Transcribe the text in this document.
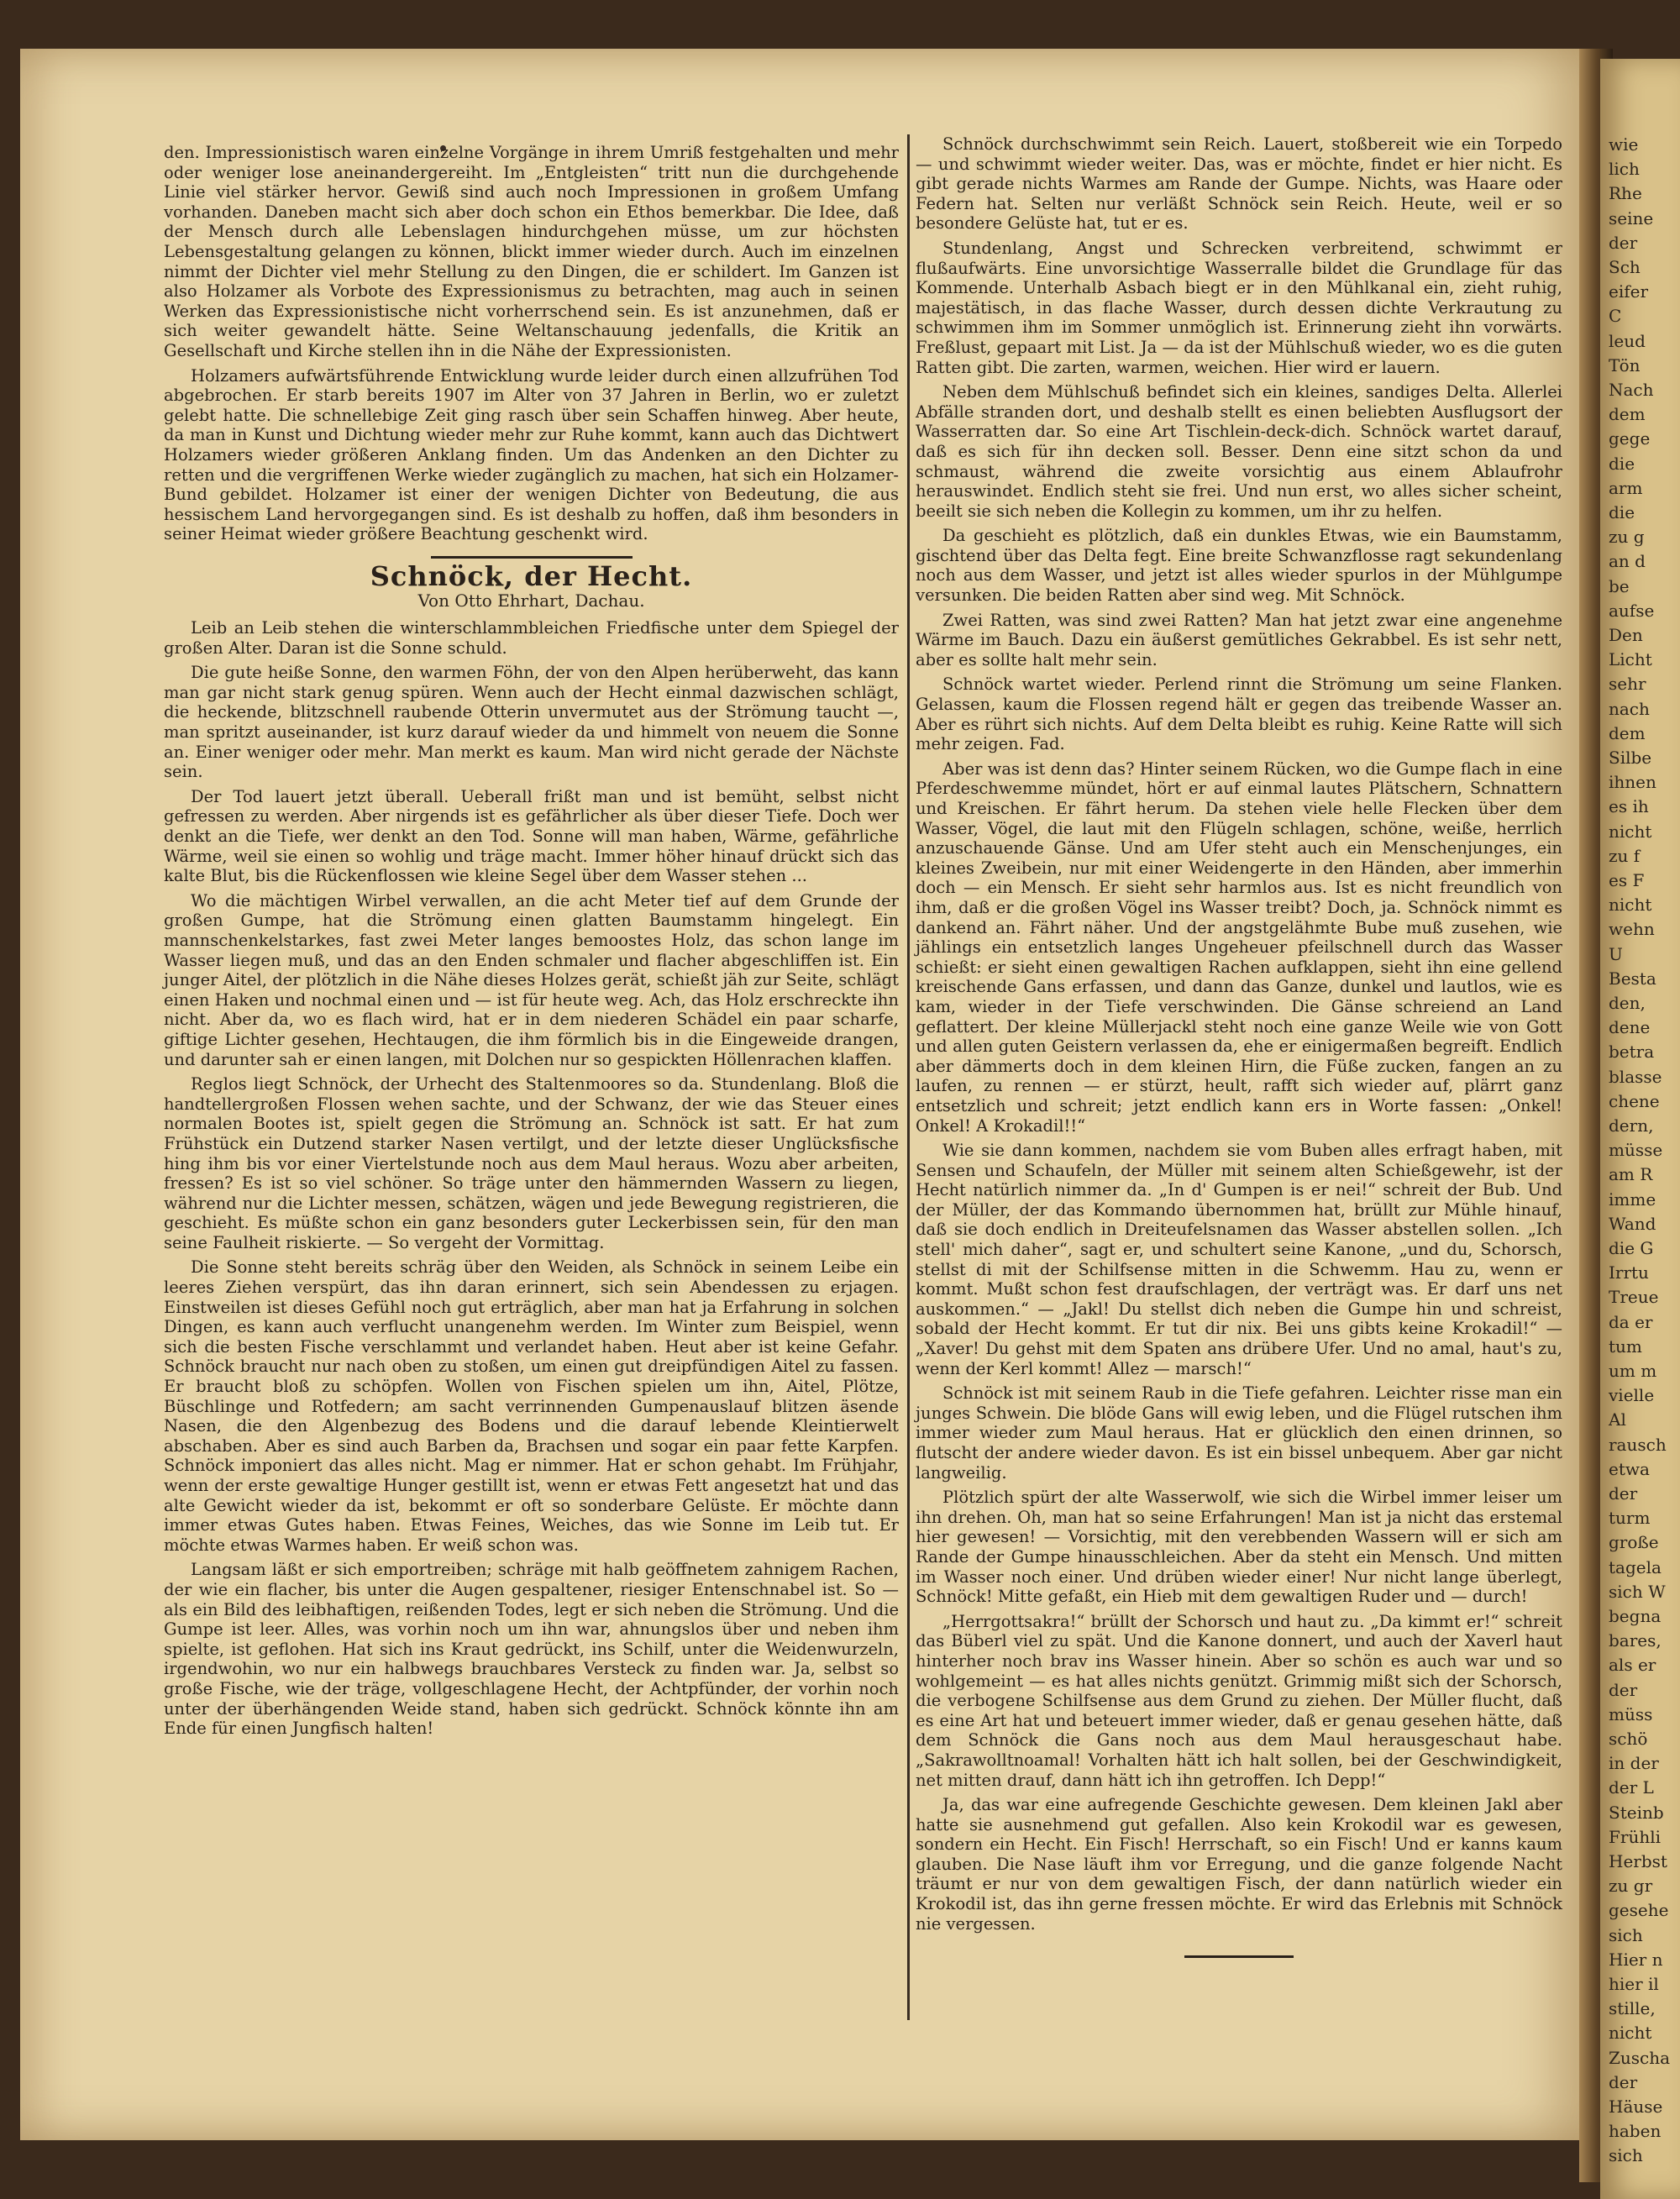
wie
lich
Rhe
seine
der
Sch
eifer
C
leud
Tön
Nach
dem
gege
die
arm
die
zu g
an d
be
aufse
Den
Licht
sehr
nach
dem
Silbe
ihnen
es ih
nicht
zu f
es F
nicht
wehn
U
Besta
den,
dene
betra
blasse
chene
dern,
müsse
am R
imme
Wand
die G
Irrtu
Treue
da er
tum
um m
vielle
Al
rausch
etwa
der
turm
große
tagela
sich W
begna
bares,
als er
der
müss
schö
in der
der L
Steinb
Frühli
Herbst
zu gr
gesehe
sich
Hier n
hier il
stille,
nicht
Zuscha
der
Häuse
haben
sich

den. Impressionistisch waren einzelne Vorgänge in ihrem Umriß festgehalten und mehr oder weniger lose aneinandergereiht. Im „Entgleisten“ tritt nun die durchgehende Linie viel stärker hervor. Gewiß sind auch noch Impressionen in großem Umfang vorhanden. Daneben macht sich aber doch schon ein Ethos bemerkbar. Die Idee, daß der Mensch durch alle Lebenslagen hindurchgehen müsse, um zur höchsten Lebensgestaltung gelangen zu können, blickt immer wieder durch. Auch im einzelnen nimmt der Dichter viel mehr Stellung zu den Dingen, die er schildert. Im Ganzen ist also Holzamer als Vorbote des Expressionismus zu betrachten, mag auch in seinen Werken das Expressionistische nicht vorherrschend sein. Es ist anzunehmen, daß er sich weiter gewandelt hätte. Seine Weltanschauung jedenfalls, die Kritik an Gesellschaft und Kirche stellen ihn in die Nähe der Expressionisten.

Holzamers aufwärtsführende Entwicklung wurde leider durch einen allzufrühen Tod abgebrochen. Er starb bereits 1907 im Alter von 37 Jahren in Berlin, wo er zuletzt gelebt hatte. Die schnellebige Zeit ging rasch über sein Schaffen hinweg. Aber heute, da man in Kunst und Dichtung wieder mehr zur Ruhe kommt, kann auch das Dichtwert Holzamers wieder größeren Anklang finden. Um das Andenken an den Dichter zu retten und die vergriffenen Werke wieder zugänglich zu machen, hat sich ein Holzamer-Bund gebildet. Holzamer ist einer der wenigen Dichter von Bedeutung, die aus hessischem Land hervorgegangen sind. Es ist deshalb zu hoffen, daß ihm besonders in seiner Heimat wieder größere Beachtung geschenkt wird.

Schnöck, der Hecht.
Von Otto Ehrhart, Dachau.

Leib an Leib stehen die winterschlammbleichen Friedfische unter dem Spiegel der großen Alter. Daran ist die Sonne schuld.

Die gute heiße Sonne, den warmen Föhn, der von den Alpen herüberweht, das kann man gar nicht stark genug spüren. Wenn auch der Hecht einmal dazwischen schlägt, die heckende, blitzschnell raubende Otterin unvermutet aus der Strömung taucht —, man spritzt auseinander, ist kurz darauf wieder da und himmelt von neuem die Sonne an. Einer weniger oder mehr. Man merkt es kaum. Man wird nicht gerade der Nächste sein.

Der Tod lauert jetzt überall. Ueberall frißt man und ist bemüht, selbst nicht gefressen zu werden. Aber nirgends ist es gefährlicher als über dieser Tiefe. Doch wer denkt an die Tiefe, wer denkt an den Tod. Sonne will man haben, Wärme, gefährliche Wärme, weil sie einen so wohlig und träge macht. Immer höher hinauf drückt sich das kalte Blut, bis die Rückenflossen wie kleine Segel über dem Wasser stehen ...

Wo die mächtigen Wirbel verwallen, an die acht Meter tief auf dem Grunde der großen Gumpe, hat die Strömung einen glatten Baumstamm hingelegt. Ein mannschenkelstarkes, fast zwei Meter langes bemoostes Holz, das schon lange im Wasser liegen muß, und das an den Enden schmaler und flacher abgeschliffen ist. Ein junger Aitel, der plötzlich in die Nähe dieses Holzes gerät, schießt jäh zur Seite, schlägt einen Haken und nochmal einen und — ist für heute weg. Ach, das Holz erschreckte ihn nicht. Aber da, wo es flach wird, hat er in dem niederen Schädel ein paar scharfe, giftige Lichter gesehen, Hechtaugen, die ihm förmlich bis in die Eingeweide drangen, und darunter sah er einen langen, mit Dolchen nur so gespickten Höllenrachen klaffen.

Reglos liegt Schnöck, der Urhecht des Staltenmoores so da. Stundenlang. Bloß die handtellergroßen Flossen wehen sachte, und der Schwanz, der wie das Steuer eines normalen Bootes ist, spielt gegen die Strömung an. Schnöck ist satt. Er hat zum Frühstück ein Dutzend starker Nasen vertilgt, und der letzte dieser Unglücksfische hing ihm bis vor einer Viertelstunde noch aus dem Maul heraus. Wozu aber arbeiten, fressen? Es ist so viel schöner. So träge unter den hämmernden Wassern zu liegen, während nur die Lichter messen, schätzen, wägen und jede Bewegung registrieren, die geschieht. Es müßte schon ein ganz besonders guter Leckerbissen sein, für den man seine Faulheit riskierte. — So vergeht der Vormittag.

Die Sonne steht bereits schräg über den Weiden, als Schnöck in seinem Leibe ein leeres Ziehen verspürt, das ihn daran erinnert, sich sein Abendessen zu erjagen. Einstweilen ist dieses Gefühl noch gut erträglich, aber man hat ja Erfahrung in solchen Dingen, es kann auch verflucht unangenehm werden. Im Winter zum Beispiel, wenn sich die besten Fische verschlammt und verlandet haben. Heut aber ist keine Gefahr. Schnöck braucht nur nach oben zu stoßen, um einen gut dreipfündigen Aitel zu fassen. Er braucht bloß zu schöpfen. Wollen von Fischen spielen um ihn, Aitel, Plötze, Büschlinge und Rotfedern; am sacht verrinnenden Gumpenauslauf blitzen äsende Nasen, die den Algenbezug des Bodens und die darauf lebende Kleintierwelt abschaben. Aber es sind auch Barben da, Brachsen und sogar ein paar fette Karpfen. Schnöck imponiert das alles nicht. Mag er nimmer. Hat er schon gehabt. Im Frühjahr, wenn der erste gewaltige Hunger gestillt ist, wenn er etwas Fett angesetzt hat und das alte Gewicht wieder da ist, bekommt er oft so sonderbare Gelüste. Er möchte dann immer etwas Gutes haben. Etwas Feines, Weiches, das wie Sonne im Leib tut. Er möchte etwas Warmes haben. Er weiß schon was.

Langsam läßt er sich emportreiben; schräge mit halb geöffnetem zahnigem Rachen, der wie ein flacher, bis unter die Augen gespaltener, riesiger Entenschnabel ist. So — als ein Bild des leibhaftigen, reißenden Todes, legt er sich neben die Strömung. Und die Gumpe ist leer. Alles, was vorhin noch um ihn war, ahnungslos über und neben ihm spielte, ist geflohen. Hat sich ins Kraut gedrückt, ins Schilf, unter die Weidenwurzeln, irgendwohin, wo nur ein halbwegs brauchbares Versteck zu finden war. Ja, selbst so große Fische, wie der träge, vollgeschlagene Hecht, der Achtpfünder, der vorhin noch unter der überhängenden Weide stand, haben sich gedrückt. Schnöck könnte ihn am Ende für einen Jungfisch halten!

Schnöck durchschwimmt sein Reich. Lauert, stoßbereit wie ein Torpedo — und schwimmt wieder weiter. Das, was er möchte, findet er hier nicht. Es gibt gerade nichts Warmes am Rande der Gumpe. Nichts, was Haare oder Federn hat. Selten nur verläßt Schnöck sein Reich. Heute, weil er so besondere Gelüste hat, tut er es.

Stundenlang, Angst und Schrecken verbreitend, schwimmt er flußaufwärts. Eine unvorsichtige Wasserralle bildet die Grundlage für das Kommende. Unterhalb Asbach biegt er in den Mühlkanal ein, zieht ruhig, majestätisch, in das flache Wasser, durch dessen dichte Verkrautung zu schwimmen ihm im Sommer unmöglich ist. Erinnerung zieht ihn vorwärts. Freßlust, gepaart mit List. Ja — da ist der Mühlschuß wieder, wo es die guten Ratten gibt. Die zarten, warmen, weichen. Hier wird er lauern.

Neben dem Mühlschuß befindet sich ein kleines, sandiges Delta. Allerlei Abfälle stranden dort, und deshalb stellt es einen beliebten Ausflugsort der Wasserratten dar. So eine Art Tischlein-deck-dich. Schnöck wartet darauf, daß es sich für ihn decken soll. Besser. Denn eine sitzt schon da und schmaust, während die zweite vorsichtig aus einem Ablaufrohr herauswindet. Endlich steht sie frei. Und nun erst, wo alles sicher scheint, beeilt sie sich neben die Kollegin zu kommen, um ihr zu helfen.

Da geschieht es plötzlich, daß ein dunkles Etwas, wie ein Baumstamm, gischtend über das Delta fegt. Eine breite Schwanzflosse ragt sekundenlang noch aus dem Wasser, und jetzt ist alles wieder spurlos in der Mühlgumpe versunken. Die beiden Ratten aber sind weg. Mit Schnöck.

Zwei Ratten, was sind zwei Ratten? Man hat jetzt zwar eine angenehme Wärme im Bauch. Dazu ein äußerst gemütliches Gekrabbel. Es ist sehr nett, aber es sollte halt mehr sein.

Schnöck wartet wieder. Perlend rinnt die Strömung um seine Flanken. Gelassen, kaum die Flossen regend hält er gegen das treibende Wasser an. Aber es rührt sich nichts. Auf dem Delta bleibt es ruhig. Keine Ratte will sich mehr zeigen. Fad.

Aber was ist denn das? Hinter seinem Rücken, wo die Gumpe flach in eine Pferdeschwemme mündet, hört er auf einmal lautes Plätschern, Schnattern und Kreischen. Er fährt herum. Da stehen viele helle Flecken über dem Wasser, Vögel, die laut mit den Flügeln schlagen, schöne, weiße, herrlich anzuschauende Gänse. Und am Ufer steht auch ein Menschenjunges, ein kleines Zweibein, nur mit einer Weidengerte in den Händen, aber immerhin doch — ein Mensch. Er sieht sehr harmlos aus. Ist es nicht freundlich von ihm, daß er die großen Vögel ins Wasser treibt? Doch, ja. Schnöck nimmt es dankend an. Fährt näher. Und der angstgelähmte Bube muß zusehen, wie jählings ein entsetzlich langes Ungeheuer pfeilschnell durch das Wasser schießt: er sieht einen gewaltigen Rachen aufklappen, sieht ihn eine gellend kreischende Gans erfassen, und dann das Ganze, dunkel und lautlos, wie es kam, wieder in der Tiefe verschwinden. Die Gänse schreiend an Land geflattert. Der kleine Müllerjackl steht noch eine ganze Weile wie von Gott und allen guten Geistern verlassen da, ehe er einigermaßen begreift. Endlich aber dämmerts doch in dem kleinen Hirn, die Füße zucken, fangen an zu laufen, zu rennen — er stürzt, heult, rafft sich wieder auf, plärrt ganz entsetzlich und schreit; jetzt endlich kann ers in Worte fassen: „Onkel! Onkel! A Krokadil!!“

Wie sie dann kommen, nachdem sie vom Buben alles erfragt haben, mit Sensen und Schaufeln, der Müller mit seinem alten Schießgewehr, ist der Hecht natürlich nimmer da. „In d' Gumpen is er nei!“ schreit der Bub. Und der Müller, der das Kommando übernommen hat, brüllt zur Mühle hinauf, daß sie doch endlich in Dreiteufelsnamen das Wasser abstellen sollen. „Ich stell' mich daher“, sagt er, und schultert seine Kanone, „und du, Schorsch, stellst di mit der Schilfsense mitten in die Schwemm. Hau zu, wenn er kommt. Mußt schon fest draufschlagen, der verträgt was. Er darf uns net auskommen.“ — „Jakl! Du stellst dich neben die Gumpe hin und schreist, sobald der Hecht kommt. Er tut dir nix. Bei uns gibts keine Krokadil!“ — „Xaver! Du gehst mit dem Spaten ans drübere Ufer. Und no amal, haut's zu, wenn der Kerl kommt! Allez — marsch!“

Schnöck ist mit seinem Raub in die Tiefe gefahren. Leichter risse man ein junges Schwein. Die blöde Gans will ewig leben, und die Flügel rutschen ihm immer wieder zum Maul heraus. Hat er glücklich den einen drinnen, so flutscht der andere wieder davon. Es ist ein bissel unbequem. Aber gar nicht langweilig.

Plötzlich spürt der alte Wasserwolf, wie sich die Wirbel immer leiser um ihn drehen. Oh, man hat so seine Erfahrungen! Man ist ja nicht das erstemal hier gewesen! — Vorsichtig, mit den verebbenden Wassern will er sich am Rande der Gumpe hinausschleichen. Aber da steht ein Mensch. Und mitten im Wasser noch einer. Und drüben wieder einer! Nur nicht lange überlegt, Schnöck! Mitte gefaßt, ein Hieb mit dem gewaltigen Ruder und — durch!

„Herrgottsakra!“ brüllt der Schorsch und haut zu. „Da kimmt er!“ schreit das Büberl viel zu spät. Und die Kanone donnert, und auch der Xaverl haut hinterher noch brav ins Wasser hinein. Aber so schön es auch war und so wohlgemeint — es hat alles nichts genützt. Grimmig mißt sich der Schorsch, die verbogene Schilfsense aus dem Grund zu ziehen. Der Müller flucht, daß es eine Art hat und beteuert immer wieder, daß er genau gesehen hätte, daß dem Schnöck die Gans noch aus dem Maul herausgeschaut habe. „Sakrawolltnoamal! Vorhalten hätt ich halt sollen, bei der Geschwindigkeit, net mitten drauf, dann hätt ich ihn getroffen. Ich Depp!“

Ja, das war eine aufregende Geschichte gewesen. Dem kleinen Jakl aber hatte sie ausnehmend gut gefallen. Also kein Krokodil war es gewesen, sondern ein Hecht. Ein Fisch! Herrschaft, so ein Fisch! Und er kanns kaum glauben. Die Nase läuft ihm vor Erregung, und die ganze folgende Nacht träumt er nur von dem gewaltigen Fisch, der dann natürlich wieder ein Krokodil ist, das ihn gerne fressen möchte. Er wird das Erlebnis mit Schnöck nie vergessen.
